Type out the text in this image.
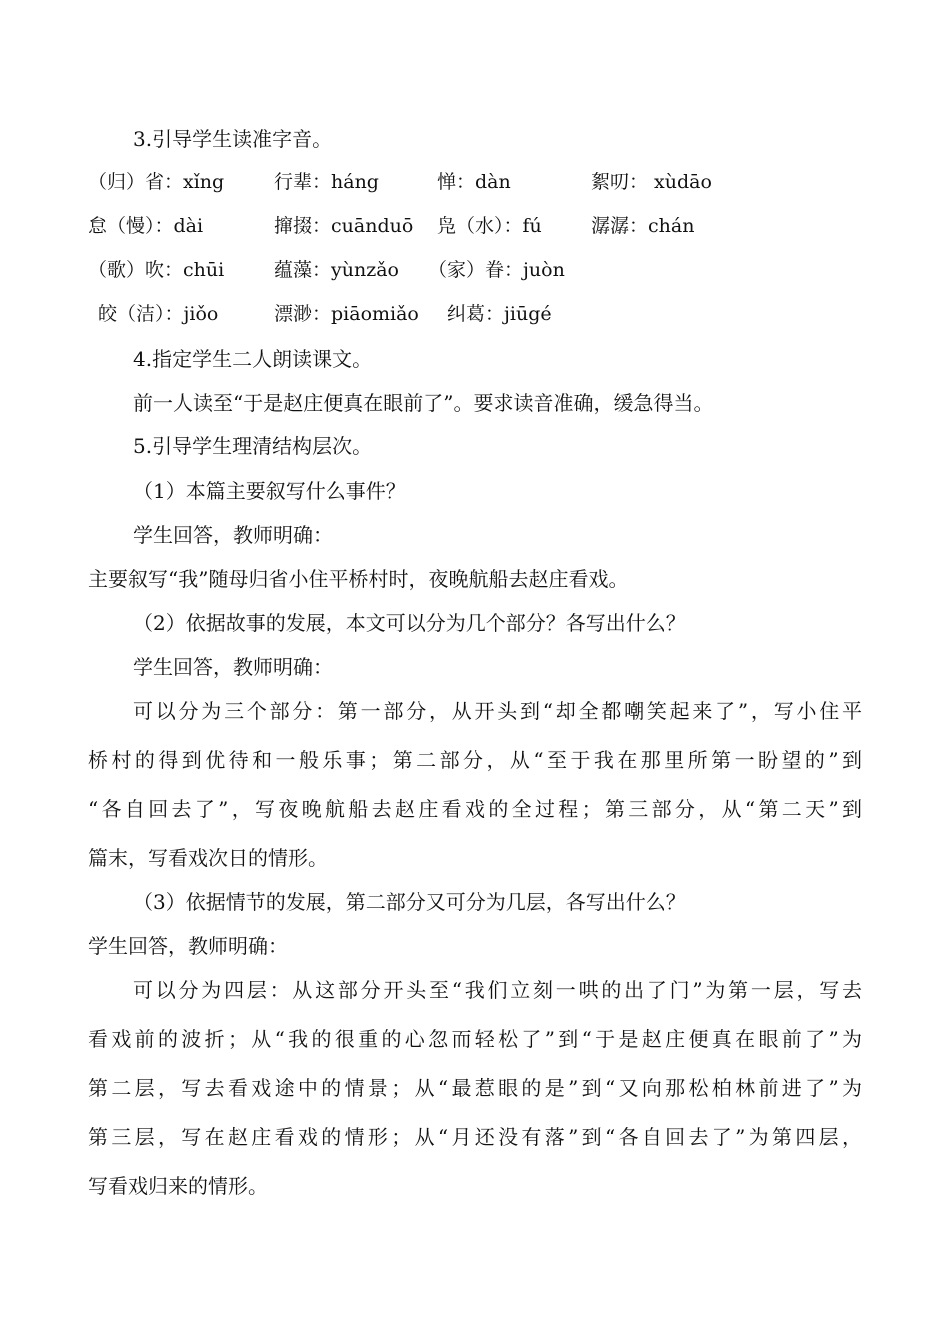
3.引导学生读准字音。
（归）省：xǐng	行辈：háng	惮：dàn	絮叨： xùdāo
怠（慢）：dài	撺掇：cuānduō 凫（水）：fú	潺潺：chán
（歌）吹：chūi	蕴藻：yùnzǎo （家）眷：juòn
皎（洁）：jiǒo	漂渺：piāomiǎo 纠葛：jiūgé
4.指定学生二人朗读课文。
前一人读至“于是赵庄便真在眼前了”。要求读音准确，缓急得当。
5.引导学生理清结构层次。
（1）本篇主要叙写什么事件？
学生回答，教师明确：
主要叙写“我”随母归省小住平桥村时，夜晚航船去赵庄看戏。
（2）依据故事的发展，本文可以分为几个部分？各写出什么？
学生回答，教师明确：
可以分为三个部分：第一部分，从开头到“却全都嘲笑起来了”，写小住平
桥村的得到优待和一般乐事；第二部分，从“至于我在那里所第一盼望的”到
“各自回去了”，写夜晚航船去赵庄看戏的全过程；第三部分，从“第二天”到
篇末，写看戏次日的情形。
（3）依据情节的发展，第二部分又可分为几层，各写出什么？
学生回答，教师明确：
可以分为四层：从这部分开头至“我们立刻一哄的出了门”为第一层，写去
看戏前的波折；从“我的很重的心忽而轻松了”到“于是赵庄便真在眼前了”为
第二层，写去看戏途中的情景；从“最惹眼的是”到“又向那松柏林前进了”为
第三层，写在赵庄看戏的情形；从“月还没有落”到“各自回去了”为第四层，
写看戏归来的情形。
